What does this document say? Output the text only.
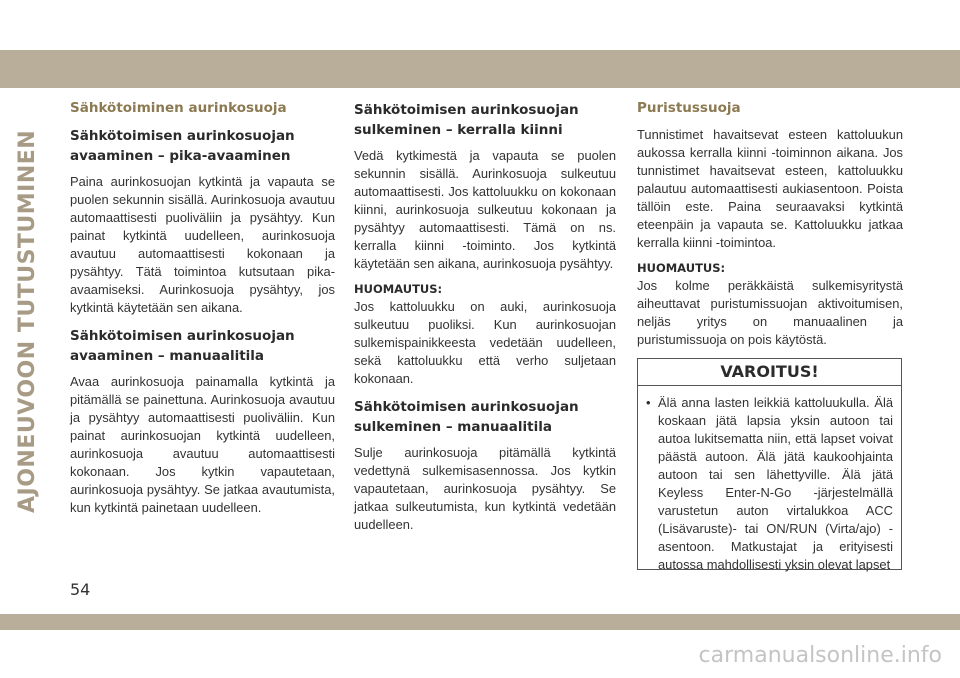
AJONEUVOON TUTUSTUMINEN
Sähkötoiminen aurinkosuoja
Sähkötoimisen aurinkosuojan avaaminen – pika-avaaminen
Paina aurinkosuojan kytkintä ja vapauta se puolen sekunnin sisällä. Aurinkosuoja avautuu automaattisesti puoliväliin ja pysähtyy. Kun painat kytkintä uudelleen, aurinkosuoja avautuu automaattisesti kokonaan ja pysähtyy. Tätä toimintoa kutsutaan pika-avaamiseksi. Aurinkosuoja pysähtyy, jos kytkintä käytetään sen aikana.
Sähkötoimisen aurinkosuojan avaaminen – manuaalitila
Avaa aurinkosuoja painamalla kytkintä ja pitämällä se painettuna. Aurinkosuoja avautuu ja pysähtyy automaattisesti puoliväliin. Kun painat aurinkosuojan kytkintä uudelleen, aurinkosuoja avautuu automaattisesti kokonaan. Jos kytkin vapautetaan, aurinkosuoja pysähtyy. Se jatkaa avautumista, kun kytkintä painetaan uudelleen.
Sähkötoimisen aurinkosuojan sulkeminen – kerralla kiinni
Vedä kytkimestä ja vapauta se puolen sekunnin sisällä. Aurinkosuoja sulkeutuu automaattisesti. Jos kattoluukku on kokonaan kiinni, aurinkosuoja sulkeutuu kokonaan ja pysähtyy automaattisesti. Tämä on ns. kerralla kiinni -toiminto. Jos kytkintä käytetään sen aikana, aurinkosuoja pysähtyy.
HUOMAUTUS:
Jos kattoluukku on auki, aurinkosuoja sulkeutuu puoliksi. Kun aurinkosuojan sulkemispainikkeesta vedetään uudelleen, sekä kattoluukku että verho suljetaan kokonaan.
Sähkötoimisen aurinkosuojan sulkeminen – manuaalitila
Sulje aurinkosuoja pitämällä kytkintä vedettynä sulkemisasennossa. Jos kytkin vapautetaan, aurinkosuoja pysähtyy. Se jatkaa sulkeutumista, kun kytkintä vedetään uudelleen.
Puristussuoja
Tunnistimet havaitsevat esteen kattoluukun aukossa kerralla kiinni -toiminnon aikana. Jos tunnistimet havaitsevat esteen, kattoluukku palautuu automaattisesti aukiasentoon. Poista tällöin este. Paina seuraavaksi kytkintä eteenpäin ja vapauta se. Kattoluukku jatkaa kerralla kiinni -toimintoa.
HUOMAUTUS:
Jos kolme peräkkäistä sulkemisyritystä aiheuttavat puristumissuojan aktivoitumisen, neljäs yritys on manuaalinen ja puristumissuoja on pois käytöstä.
VAROITUS!
• Älä anna lasten leikkiä kattoluukulla. Älä koskaan jätä lapsia yksin autoon tai autoa lukitsematta niin, että lapset voivat päästä autoon. Älä jätä kaukoohjainta autoon tai sen lähettyville. Älä jätä Keyless Enter-N-Go -järjestelmällä varustetun auton virtalukkoa ACC (Lisävaruste)- tai ON/RUN (Virta/ajo) -asentoon. Matkustajat ja erityisesti autossa mahdollisesti yksin olevat lapset
54
carmanualsonline.info
